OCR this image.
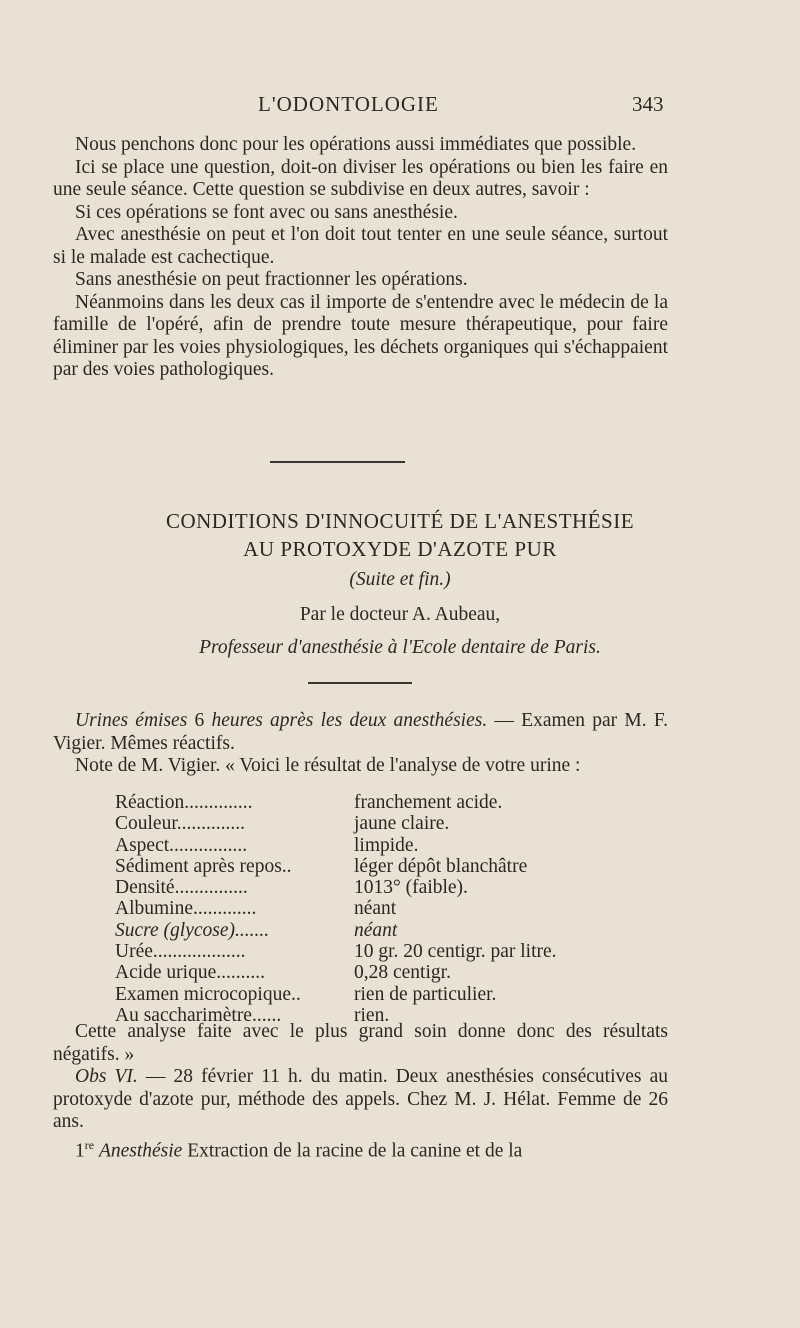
L'ODONTOLOGIE	343

Nous penchons donc pour les opérations aussi immédiates que possible.

Ici se place une question, doit-on diviser les opérations ou bien les faire en une seule séance. Cette question se subdivise en deux autres, savoir :

Si ces opérations se font avec ou sans anesthésie.

Avec anesthésie on peut et l'on doit tout tenter en une seule séance, surtout si le malade est cachectique.

Sans anesthésie on peut fractionner les opérations.

Néanmoins dans les deux cas il importe de s'entendre avec le médecin de la famille de l'opéré, afin de prendre toute mesure thérapeutique, pour faire éliminer par les voies physiologiques, les déchets organiques qui s'échappaient par des voies pathologiques.

CONDITIONS D'INNOCUITÉ DE L'ANESTHÉSIE
AU PROTOXYDE D'AZOTE PUR
(Suite et fin.)
Par le docteur A. Aubeau,
Professeur d'anesthésie à l'Ecole dentaire de Paris.

Urines émises 6 heures après les deux anesthésies. — Examen par M. F. Vigier. Mêmes réactifs.

Note de M. Vigier. « Voici le résultat de l'analyse de votre urine :

Réaction..............	franchement acide.
Couleur..............	jaune claire.
Aspect................	limpide.
Sédiment après repos..	léger dépôt blanchâtre
Densité...............	1013° (faible).
Albumine.............	néant
Sucre (glycose).......	néant
Urée...................	10 gr. 20 centigr. par litre.
Acide urique..........	0,28 centigr.
Examen microcopique..	rien de particulier.
Au saccharimètre......	rien.

Cette analyse faite avec le plus grand soin donne donc des résultats négatifs. »

Obs VI. — 28 février 11 h. du matin. Deux anesthésies consécutives au protoxyde d'azote pur, méthode des appels. Chez M. J. Hélat. Femme de 26 ans.

1re Anesthésie Extraction de la racine de la canine et de la
